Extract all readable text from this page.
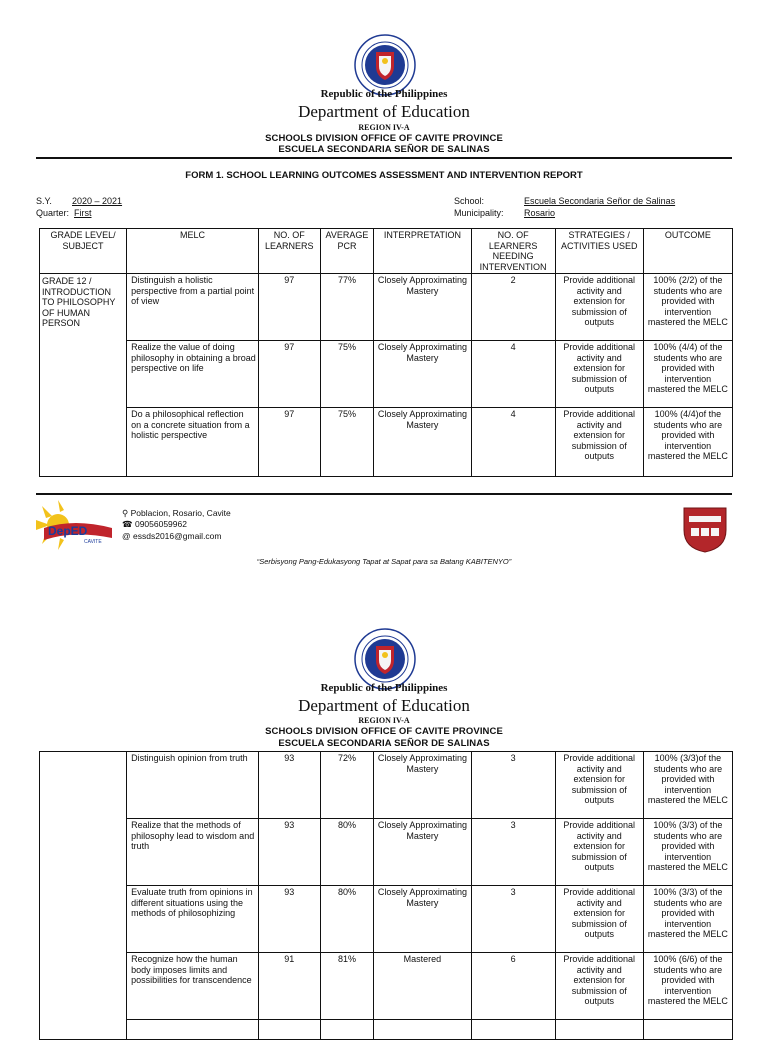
Republic of the Philippines
Department of Education
REGION IV-A
SCHOOLS DIVISION OFFICE OF CAVITE PROVINCE
ESCUELA SECONDARIA SEÑOR DE SALINAS
FORM 1. SCHOOL LEARNING OUTCOMES ASSESSMENT AND INTERVENTION REPORT
S.Y. 2020 – 2021
Quarter: First
School:	Escuela Secondaria Señor de Salinas
Municipality: Rosario
GRADE LEVEL/ SUBJECT	MELC	NO. OF LEARNERS	AVERAGE PCR	INTERPRETATION	NO. OF LEARNERS NEEDING INTERVENTION	STRATEGIES / ACTIVITIES USED	OUTCOME
GRADE 12 / INTRODUCTION TO PHILOSOPHY OF HUMAN PERSON	Distinguish a holistic perspective from a partial point of view	97	77%	Closely Approximating Mastery	2	Provide additional activity and extension for submission of outputs	100% (2/2) of the students who are provided with intervention mastered the MELC
	Realize the value of doing philosophy in obtaining a broad perspective on life	97	75%	Closely Approximating Mastery	4	Provide additional activity and extension for submission of outputs	100% (4/4) of the students who are provided with intervention mastered the MELC
	Do a philosophical reflection on a concrete situation from a holistic perspective	97	75%	Closely Approximating Mastery	4	Provide additional activity and extension for submission of outputs	100% (4/4)of the students who are provided with intervention mastered the MELC
DepED
CAVITE
⚲ Poblacion, Rosario, Cavite
☎ 09056059962
@ essds2016@gmail.com
“Serbisyong Pang-Edukasyong Tapat at Sapat para sa Batang KABITENYO”
Republic of the Philippines
Department of Education
REGION IV-A
SCHOOLS DIVISION OFFICE OF CAVITE PROVINCE
ESCUELA SECONDARIA SEÑOR DE SALINAS
	Distinguish opinion from truth	93	72%	Closely Approximating Mastery	3	Provide additional activity and extension for submission of outputs	100% (3/3)of the students who are provided with intervention mastered the MELC
	Realize that the methods of philosophy lead to wisdom and truth	93	80%	Closely Approximating Mastery	3	Provide additional activity and extension for submission of outputs	100% (3/3) of the students who are provided with intervention mastered the MELC
	Evaluate truth from opinions in different situations using the methods of philosophizing	93	80%	Closely Approximating Mastery	3	Provide additional activity and extension for submission of outputs	100% (3/3) of the students who are provided with intervention mastered the MELC
	Recognize how the human body imposes limits and possibilities for transcendence	91	81%	Mastered	6	Provide additional activity and extension for submission of outputs	100% (6/6) of the students who are provided with intervention mastered the MELC
